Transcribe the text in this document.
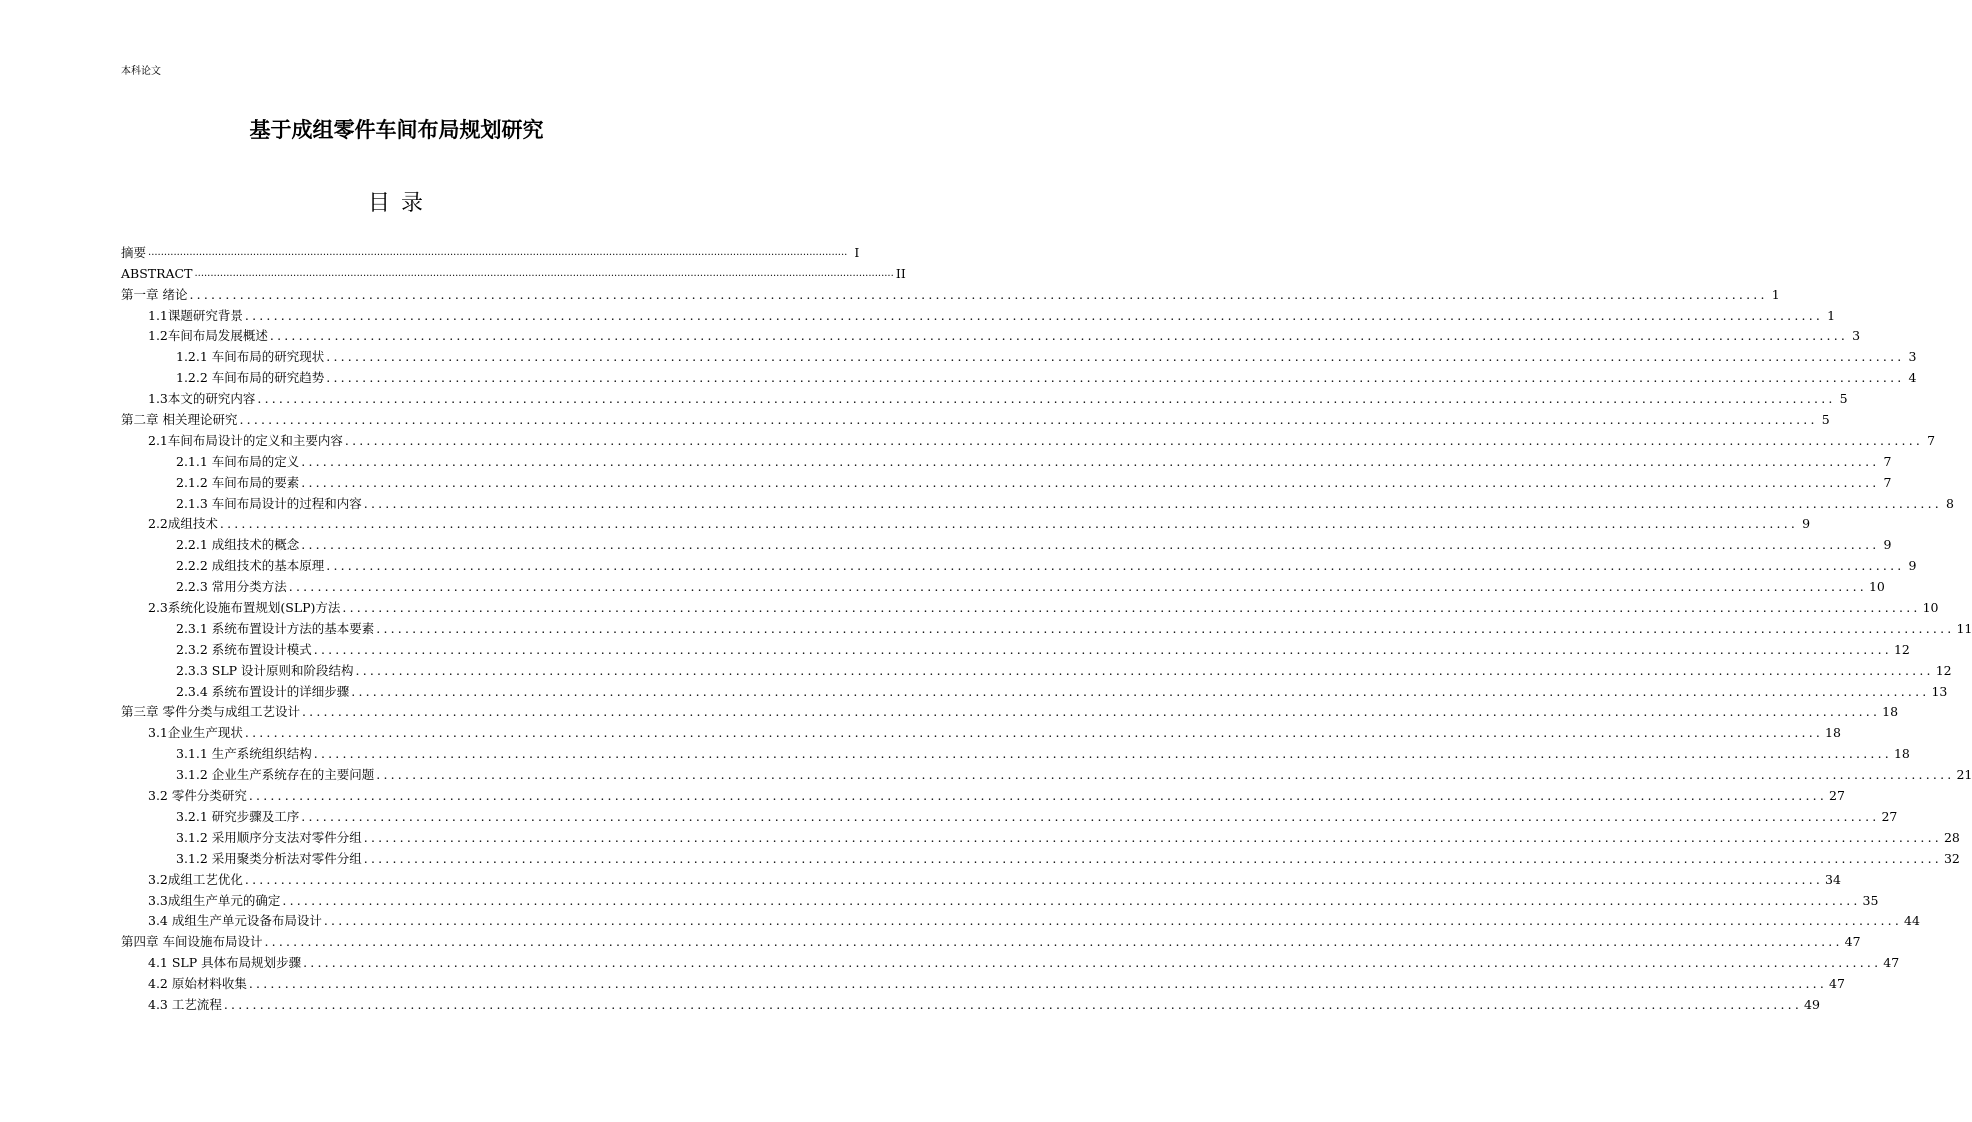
本科论文
基于成组零件车间布局规划研究
目 录
摘要 ............................................................................................................................................................................................................................ I
ABSTRACT ............................................................................................................................................................................................................................ II
第一章 绪论 ............................................................................................................................................................................................................................ 1
1.1课题研究背景 ............................................................................................................................................................................................................................ 1
1.2车间布局发展概述 ............................................................................................................................................................................................................................ 3
1.2.1 车间布局的研究现状 ............................................................................................................................................................................................................................ 3
1.2.2 车间布局的研究趋势 ............................................................................................................................................................................................................................ 4
1.3本文的研究内容 ............................................................................................................................................................................................................................ 5
第二章 相关理论研究 ............................................................................................................................................................................................................................ 5
2.1车间布局设计的定义和主要内容 ............................................................................................................................................................................................................................ 7
2.1.1 车间布局的定义 ............................................................................................................................................................................................................................ 7
2.1.2 车间布局的要素 ............................................................................................................................................................................................................................ 7
2.1.3 车间布局设计的过程和内容 ............................................................................................................................................................................................................................ 8
2.2成组技术 ............................................................................................................................................................................................................................ 9
2.2.1 成组技术的概念 ............................................................................................................................................................................................................................ 9
2.2.2 成组技术的基本原理 ............................................................................................................................................................................................................................ 9
2.2.3 常用分类方法 ............................................................................................................................................................................................................................ 10
2.3系统化设施布置规划(SLP)方法 ............................................................................................................................................................................................................................ 10
2.3.1 系统布置设计方法的基本要素 ............................................................................................................................................................................................................................ 11
2.3.2 系统布置设计模式 ............................................................................................................................................................................................................................ 12
2.3.3 SLP 设计原则和阶段结构 ............................................................................................................................................................................................................................ 12
2.3.4 系统布置设计的详细步骤 ............................................................................................................................................................................................................................ 13
第三章 零件分类与成组工艺设计 ............................................................................................................................................................................................................................ 18
3.1企业生产现状 ............................................................................................................................................................................................................................ 18
3.1.1 生产系统组织结构 ............................................................................................................................................................................................................................ 18
3.1.2 企业生产系统存在的主要问题 ............................................................................................................................................................................................................................ 21
3.2 零件分类研究 ............................................................................................................................................................................................................................ 27
3.2.1 研究步骤及工序 ............................................................................................................................................................................................................................ 27
3.1.2 采用顺序分支法对零件分组 ............................................................................................................................................................................................................................ 28
3.1.2 采用聚类分析法对零件分组 ............................................................................................................................................................................................................................ 32
3.2成组工艺优化 ............................................................................................................................................................................................................................ 34
3.3成组生产单元的确定 ............................................................................................................................................................................................................................ 35
3.4 成组生产单元设备布局设计 ............................................................................................................................................................................................................................ 44
第四章 车间设施布局设计 ............................................................................................................................................................................................................................ 47
4.1 SLP 具体布局规划步骤 ............................................................................................................................................................................................................................ 47
4.2 原始材料收集 ............................................................................................................................................................................................................................ 47
4.3 工艺流程 ............................................................................................................................................................................................................................ 49
